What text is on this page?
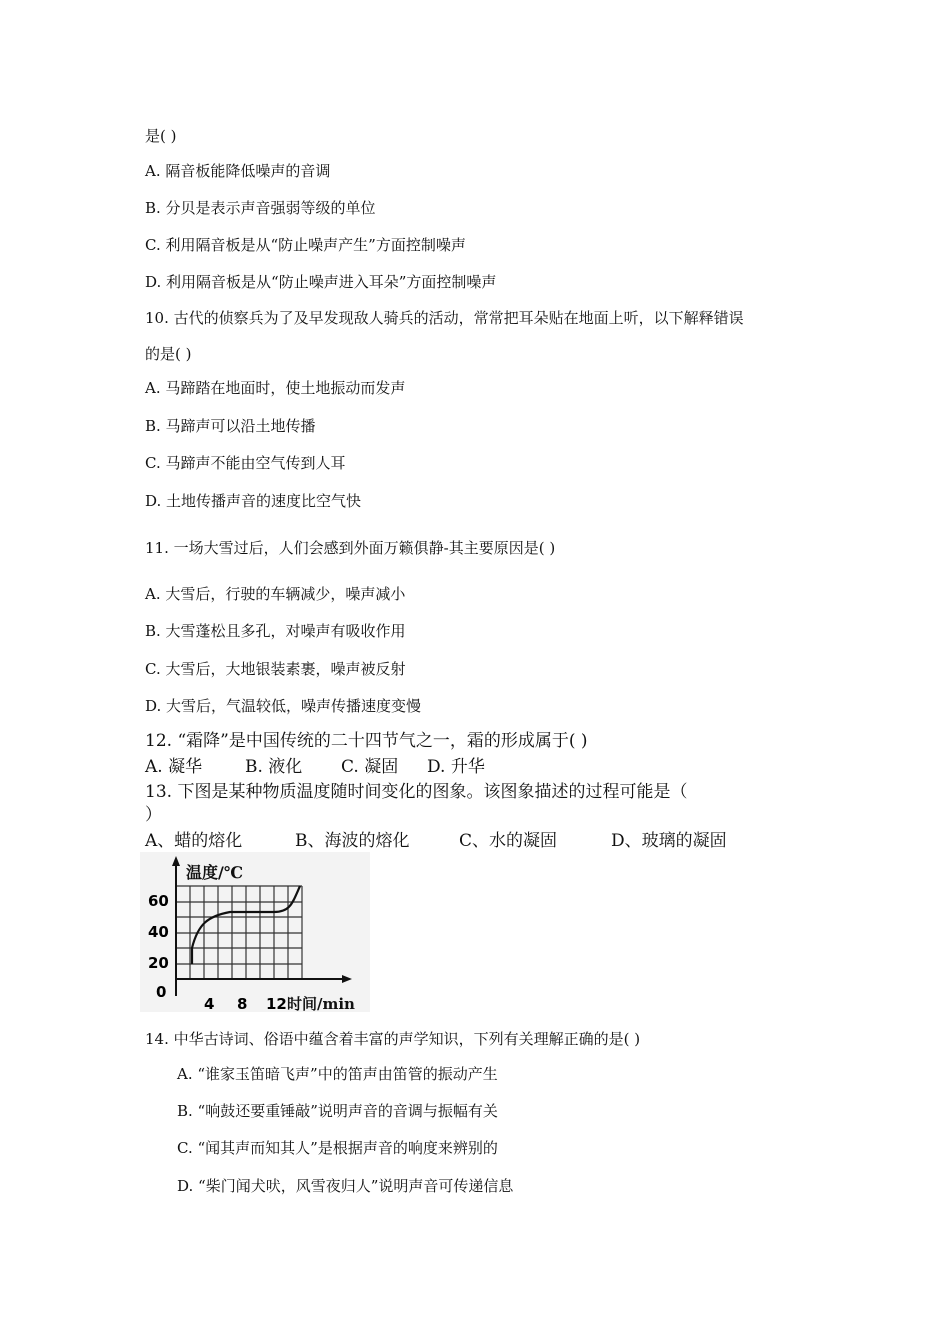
是( )
A. 隔音板能降低噪声的音调
B. 分贝是表示声音强弱等级的单位
C. 利用隔音板是从“防止噪声产生”方面控制噪声
D. 利用隔音板是从“防止噪声进入耳朵”方面控制噪声
10. 古代的侦察兵为了及早发现敌人骑兵的活动，常常把耳朵贴在地面上听，以下解释错误
的是( )
A. 马蹄踏在地面时，使土地振动而发声
B. 马蹄声可以沿土地传播
C. 马蹄声不能由空气传到人耳
D. 土地传播声音的速度比空气快
11. 一场大雪过后，人们会感到外面万籁俱静-其主要原因是( )
A. 大雪后，行驶的车辆减少，噪声减小
B. 大雪蓬松且多孔，对噪声有吸收作用
C. 大雪后，大地银装素裹，噪声被反射
D. 大雪后，气温较低，噪声传播速度变慢
12. “霜降”是中国传统的二十四节气之一，霜的形成属于( )
A. 凝华	B. 液化 C. 凝固 D. 升华
13. 下图是某种物质温度随时间变化的图象。该图象描述的过程可能是（
）
A、蜡的熔化	B、海波的熔化	C、水的凝固	D、玻璃的凝固
温度/℃
60
40
20
0
4 8 12 时间/min
14. 中华古诗词、俗语中蕴含着丰富的声学知识，下列有关理解正确的是( )
A. “谁家玉笛暗飞声”中的笛声由笛管的振动产生
B. “响鼓还要重锤敲”说明声音的音调与振幅有关
C. “闻其声而知其人”是根据声音的响度来辨别的
D. “柴门闻犬吠，风雪夜归人”说明声音可传递信息
